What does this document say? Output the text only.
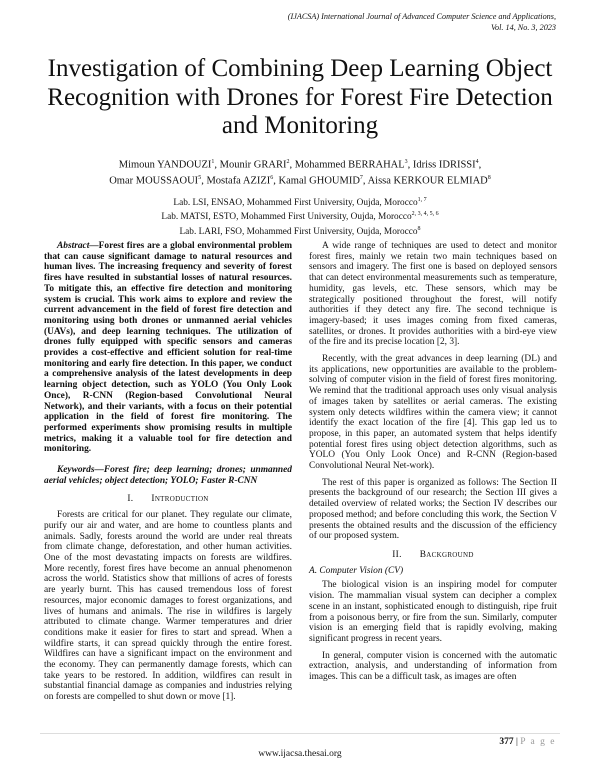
(IJACSA) International Journal of Advanced Computer Science and Applications,
Vol. 14, No. 3, 2023
Investigation of Combining Deep Learning Object Recognition with Drones for Forest Fire Detection and Monitoring
Mimoun YANDOUZI$^1$, Mounir GRARI$^2$, Mohammed BERRAHAL$^3$, Idriss IDRISSI$^4$,
Omar MOUSSAOUI$^5$, Mostafa AZIZI$^6$, Kamal GHOUMID$^7$, Aissa KERKOUR ELMIAD$^8$
Lab. LSI, ENSAO, Mohammed First University, Oujda, Morocco$^{1, 7}$
Lab. MATSI, ESTO, Mohammed First University, Oujda, Morocco$^{2, 3, 4, 5, 6}$
Lab. LARI, FSO, Mohammed First University, Oujda, Morocco$^8$

Abstract—Forest fires are a global environmental problem that can cause significant damage to natural resources and human lives. The increasing frequency and severity of forest fires have resulted in substantial losses of natural resources. To mitigate this, an effective fire detection and monitoring system is crucial. This work aims to explore and review the current advancement in the field of forest fire detection and monitoring using both drones or unmanned aerial vehicles (UAVs), and deep learning techniques. The utilization of drones fully equipped with specific sensors and cameras provides a cost-effective and efficient solution for real-time monitoring and early fire detection. In this paper, we conduct a comprehensive analysis of the latest developments in deep learning object detection, such as YOLO (You Only Look Once), R-CNN (Region-based Convolutional Neural Network), and their variants, with a focus on their potential application in the field of forest fire monitoring. The performed experiments show promising results in multiple metrics, making it a valuable tool for fire detection and monitoring.

Keywords—Forest fire; deep learning; drones; unmanned aerial vehicles; object detection; YOLO; Faster R-CNN

I. Introduction

Forests are critical for our planet. They regulate our climate, purify our air and water, and are home to countless plants and animals. Sadly, forests around the world are under real threats from climate change, deforestation, and other human activities. One of the most devastating impacts on forests are wildfires. More recently, forest fires have become an annual phenomenon across the world. Statistics show that millions of acres of forests are yearly burnt. This has caused tremendous loss of forest resources, major economic damages to forest organizations, and lives of humans and animals. The rise in wildfires is largely attributed to climate change. Warmer temperatures and drier conditions make it easier for fires to start and spread. When a wildfire starts, it can spread quickly through the entire forest. Wildfires can have a significant impact on the environment and the economy. They can permanently damage forests, which can take years to be restored. In addition, wildfires can result in substantial financial damage as companies and industries relying on forests are compelled to shut down or move [1].

A wide range of techniques are used to detect and monitor forest fires, mainly we retain two main techniques based on sensors and imagery. The first one is based on deployed sensors that can detect environmental measurements such as temperature, humidity, gas levels, etc. These sensors, which may be strategically positioned throughout the forest, will notify authorities if they detect any fire. The second technique is imagery-based; it uses images coming from fixed cameras, satellites, or drones. It provides authorities with a bird-eye view of the fire and its precise location [2, 3].

Recently, with the great advances in deep learning (DL) and its applications, new opportunities are available to the problem-solving of computer vision in the field of forest fires monitoring. We remind that the traditional approach uses only visual analysis of images taken by satellites or aerial cameras. The existing system only detects wildfires within the camera view; it cannot identify the exact location of the fire [4]. This gap led us to propose, in this paper, an automated system that helps identify potential forest fires using object detection algorithms, such as YOLO (You Only Look Once) and R-CNN (Region-based Convolutional Neural Net-work).

The rest of this paper is organized as follows: The Section II presents the background of our research; the Section III gives a detailed overview of related works; the Section IV describes our proposed method; and before concluding this work, the Section V presents the obtained results and the discussion of the efficiency of our proposed system.

II. Background
A. Computer Vision (CV)

The biological vision is an inspiring model for computer vision. The mammalian visual system can decipher a complex scene in an instant, sophisticated enough to distinguish, ripe fruit from a poisonous berry, or fire from the sun. Similarly, computer vision is an emerging field that is rapidly evolving, making significant progress in recent years.

In general, computer vision is concerned with the automatic extraction, analysis, and understanding of information from images. This can be a difficult task, as images are often

377 | P a g e
www.ijacsa.thesai.org
